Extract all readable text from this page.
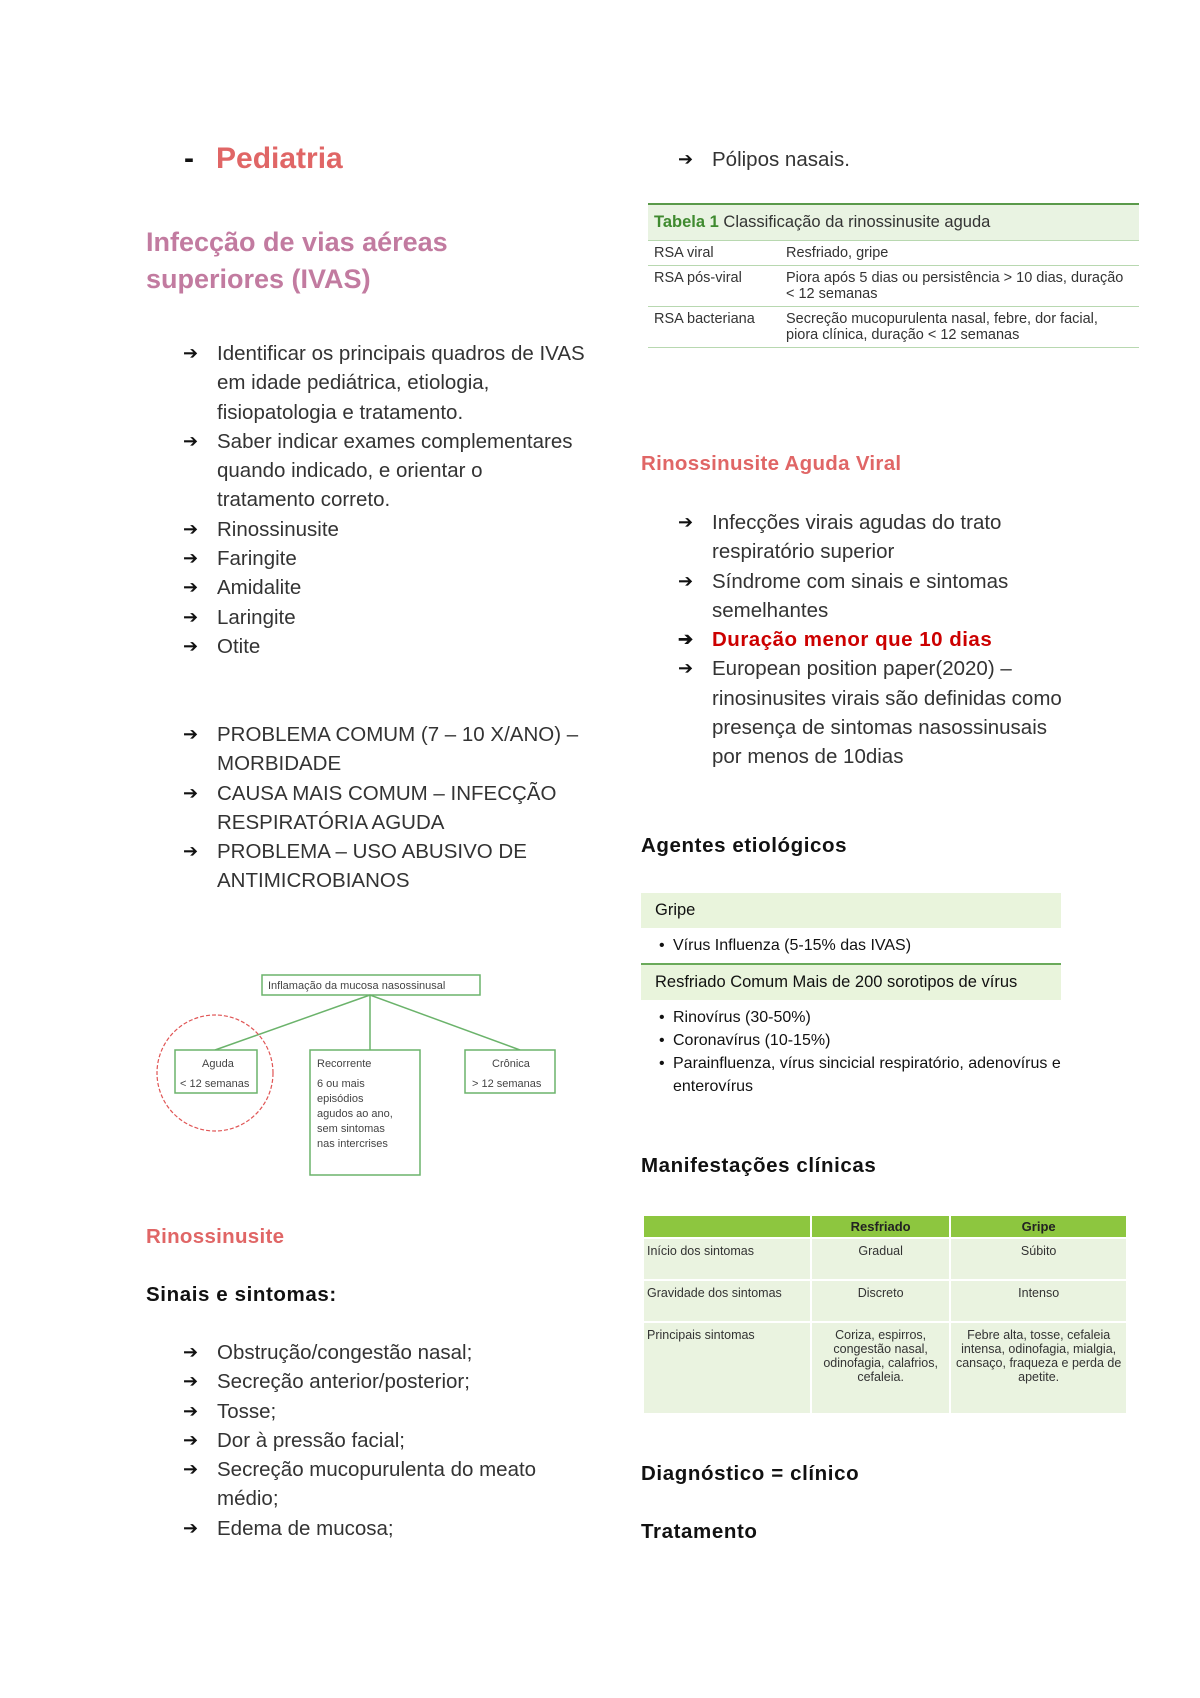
- Pediatria
Infecção de vias aéreas
superiores (IVAS)
➔ Identificar os principais quadros de IVAS em idade pediátrica, etiologia, fisiopatologia e tratamento.
➔ Saber indicar exames complementares quando indicado, e orientar o tratamento correto.
➔ Rinossinusite
➔ Faringite
➔ Amidalite
➔ Laringite
➔ Otite
➔ PROBLEMA COMUM (7 – 10 X/ANO) – MORBIDADE
➔ CAUSA MAIS COMUM – INFECÇÃO RESPIRATÓRIA AGUDA
➔ PROBLEMA – USO ABUSIVO DE ANTIMICROBIANOS
Inflamação da mucosa nasossinusal
Aguda
< 12 semanas
Recorrente
6 ou mais
episódios
agudos ao ano,
sem sintomas
nas intercrises
Crônica
> 12 semanas
Rinossinusite
Sinais e sintomas:
➔ Obstrução/congestão nasal;
➔ Secreção anterior/posterior;
➔ Tosse;
➔ Dor à pressão facial;
➔ Secreção mucopurulenta do meato médio;
➔ Edema de mucosa;
➔ Pólipos nasais.
Tabela 1 Classificação da rinossinusite aguda	
RSA viral	Resfriado, gripe
RSA pós-viral	Piora após 5 dias ou persistência > 10 dias, duração < 12 semanas
RSA bacteriana	Secreção mucopurulenta nasal, febre, dor facial, piora clínica, duração < 12 semanas
Rinossinusite Aguda Viral
➔ Infecções virais agudas do trato respiratório superior
➔ Síndrome com sinais e sintomas semelhantes
➔ Duração menor que 10 dias
➔ European position paper(2020) – rinosinusites virais são definidas como presença de sintomas nasossinusais por menos de 10dias
Agentes etiológicos
Gripe
• Vírus Influenza (5-15% das IVAS)
Resfriado Comum Mais de 200 sorotipos de vírus
• Rinovírus (30-50%)
• Coronavírus (10-15%)
• Parainfluenza, vírus sincicial respiratório, adenovírus e enterovírus
Manifestações clínicas
	Resfriado	Gripe
Início dos sintomas	Gradual	Súbito
Gravidade dos sintomas	Discreto	Intenso
Principais sintomas	Coriza, espirros, congestão nasal, odinofagia, calafrios, cefaleia.	Febre alta, tosse, cefaleia intensa, odinofagia, mialgia, cansaço, fraqueza e perda de apetite.
Diagnóstico = clínico
Tratamento
